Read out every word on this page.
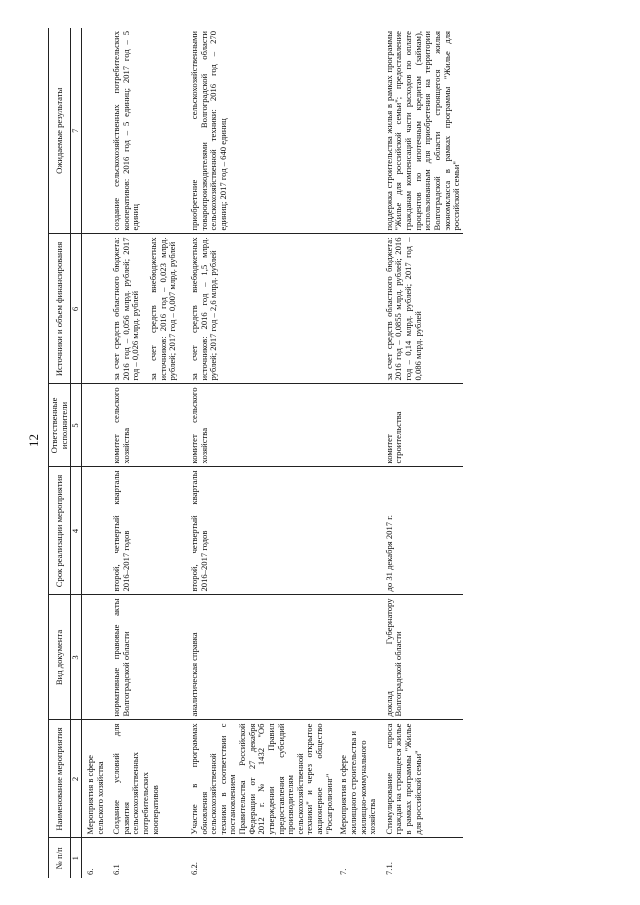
12
№ п/п	Наименование мероприятия	Вид документа	Срок реализации мероприятия	Ответственные исполнители	Источники и объем финансирования	Ожидаемые результаты
1	2	3	4	5	6	7
6.	Мероприятия в сфере сельского хозяйства					
6.1	Создание условий для развития сельскохозяйственных потребительских кооперативов	нормативные правовые акты Волгоградской области	второй, четвертый кварталы 2016–2017 годов	комитет сельского хозяйства	за счет средств областного бюджета: 2016 год – 0,056 млрд. рублей; 2017 год – 0,026 млрд. рублей за счет средств внебюджетных источников: 2016 год – 0,023 млрд. рублей; 2017 год – 0,007 млрд. рублей	создание сельскохозяйственных потребительских кооперативов: 2016 год – 5 единиц; 2017 год – 5 единиц
6.2.	Участие в программах обновления сельскохозяйственной техники в соответствии с постановлением Правительства Российской Федерации от 27 декабря 2012 г. № 1432 "Об утверждении Правил предоставления субсидий производителям сельскохозяйственной техники" и через открытое акционерное общество "Росагролизинг"	аналитическая справка	второй, четвертый кварталы 2016–2017 годов	комитет сельского хозяйства	за счет средств внебюджетных источников: 2016 год – 1,5 млрд. рублей; 2017 год – 2,6 млрд. рублей	приобретение сельскохозяйственными товаропроизводителями Волгоградской области сельскохозяйственной техники: 2016 год – 270 единиц; 2017 год – 640 единиц
7.	Мероприятия в сфере жилищного строительства и жилищно-коммунального хозяйства					
7.1.	Стимулирование спроса граждан на строящееся жилье в рамках программы "Жилье для российской семьи"	доклад Губернатору Волгоградской области	до 31 декабря 2017 г.	комитет строительства	за счет средств областного бюджета: 2016 год – 0,0855 млрд. рублей; 2016 год – 0,14 млрд. рублей; 2017 год – 0,086 млрд. рублей	поддержка строительства жилья в рамках программы "Жилье для российской семьи"; предоставление гражданам компенсаций части расходов по оплате процентов по ипотечным кредитам (займам), использованным для приобретения на территории Волгоградской области строящегося жилья экономкласса в рамках программы "Жилье для российской семьи"
